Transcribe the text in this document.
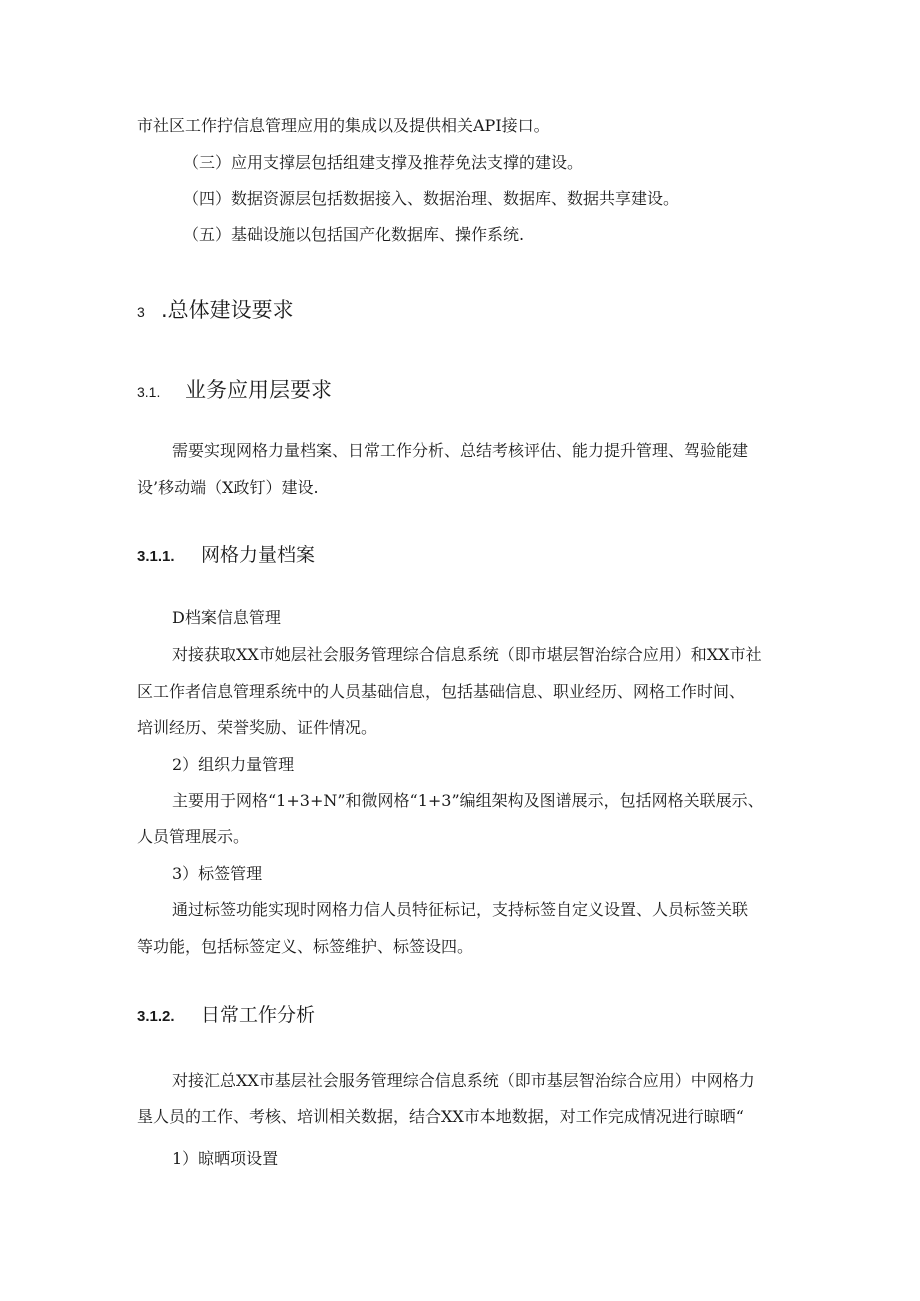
市社区工作拧信息管理应用的集成以及提供相关API接口。
（三）应用支撑层包括组建支撑及推荐免法支撑的建设。
（四）数据资源层包括数据接入、数据治理、数据库、数据共享建设。
（五）基础设施以包括国产化数据库、操作系统.
3 .总体建设要求
3.1. 业务应用层要求
需要实现网格力量档案、日常工作分析、总结考核评估、能力提升管理、驾验能建
设’移动端（X政钉）建设.
3.1.1. 网格力量档案
D档案信息管理
对接获取XX市她层社会服务管理综合信息系统（即市堪层智治综合应用）和XX市社
区工作者信息管理系统中的人员基础信息，包括基础信息、职业经历、网格工作时间、
培训经历、荣誉奖励、证件情况。
2）组织力量管理
主要用于网格“1+3+N”和微网格“1+3”编组架构及图谱展示，包括网格关联展示、
人员管理展示。
3）标签管理
通过标签功能实现时网格力信人员特征标记，支持标签自定义设置、人员标签关联
等功能，包括标签定义、标签维护、标签设四。
3.1.2. 日常工作分析
对接汇总XX市基层社会服务管理综合信息系统（即市基层智治综合应用）中网格力
垦人员的工作、考核、培训相关数据，结合XX市本地数据，对工作完成情况进行晾晒“
1）晾晒项设置
